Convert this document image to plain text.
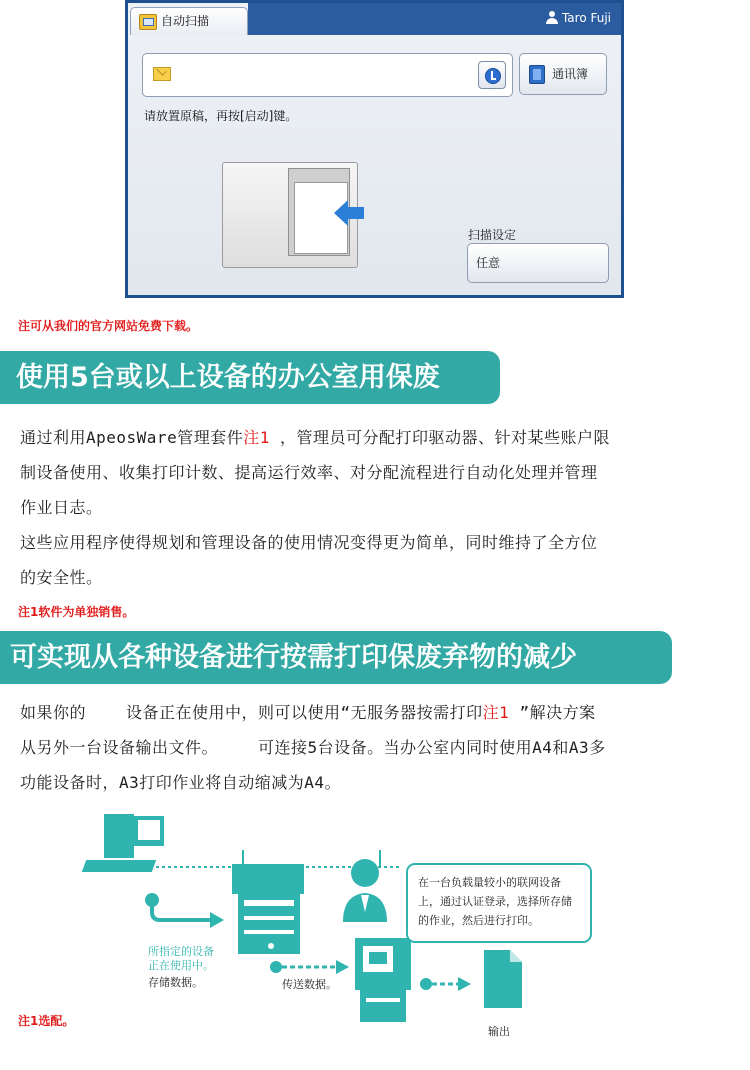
自动扫描	Taro Fuji
通讯簿
请放置原稿，再按[启动]键。
扫描设定
任意
注可从我们的官方网站免费下载。
使用5台或以上设备的办公室用保废
通过利用ApeosWare管理套件注1 ，管理员可分配打印驱动器、针对某些账户限
制设备使用、收集打印计数、提高运行效率、对分配流程进行自动化处理并管理
作业日志。
这些应用程序使得规划和管理设备的使用情况变得更为简单，同时维持了全方位
的安全性。
注1软件为单独销售。
可实现从各种设备进行按需打印保废弃物的减少
如果你的	设备正在使用中，则可以使用“无服务器按需打印注1 ”解决方案
从另外一台设备输出文件。	可连接5台设备。当办公室内同时使用A4和A3多
功能设备时，A3打印作业将自动缩减为A4。
在一台负载量较小的联网设备
上，通过认证登录，选择所存储
的作业，然后进行打印。
所指定的设备
正在使用中。
存储数据。	传送数据。
输出
注1选配。
